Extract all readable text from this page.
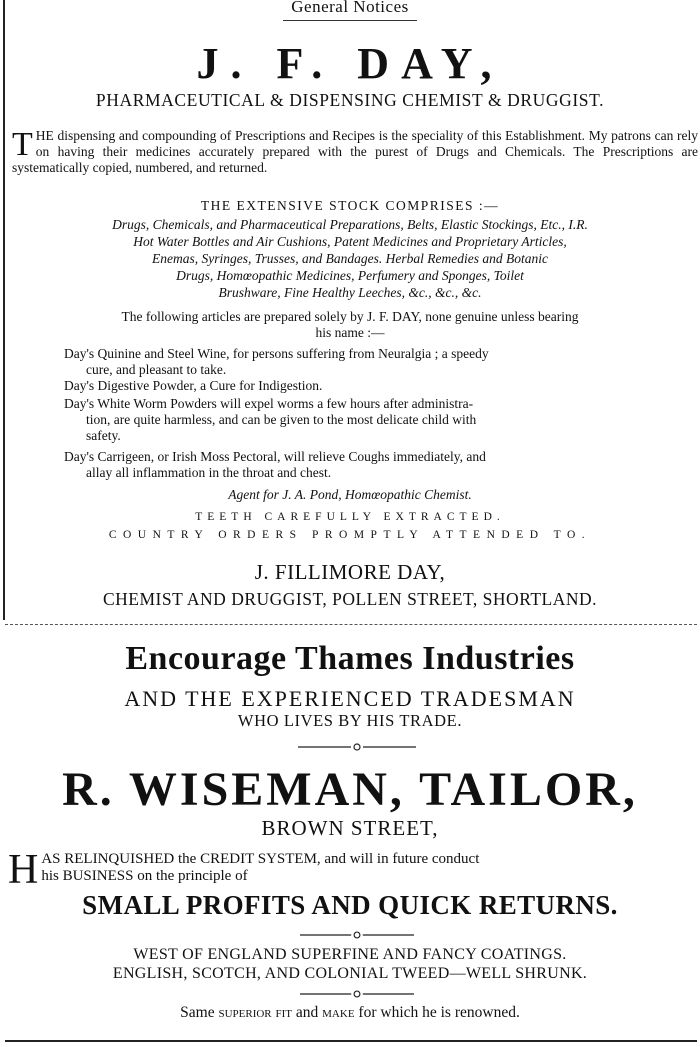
General Notices
J. F. DAY,
PHARMACEUTICAL & DISPENSING CHEMIST & DRUGGIST.
THE dispensing and compounding of Prescriptions and Recipes is the speciality of this Establishment. My patrons can rely on having their medicines accurately prepared with the purest of Drugs and Chemicals. The Prescriptions are systematically copied, numbered, and returned.
THE EXTENSIVE STOCK COMPRISES :—
Drugs, Chemicals, and Pharmaceutical Preparations, Belts, Elastic Stockings, Etc., I.R.
Hot Water Bottles and Air Cushions, Patent Medicines and Proprietary Articles,
Enemas, Syringes, Trusses, and Bandages. Herbal Remedies and Botanic
Drugs, Homœopathic Medicines, Perfumery and Sponges, Toilet
Brushware, Fine Healthy Leeches, &c., &c., &c.
The following articles are prepared solely by J. F. DAY, none genuine unless bearing
his name :—
Day's Quinine and Steel Wine, for persons suffering from Neuralgia ; a speedy
cure, and pleasant to take.
Day's Digestive Powder, a Cure for Indigestion.
Day's White Worm Powders will expel worms a few hours after administra-
tion, are quite harmless, and can be given to the most delicate child with
safety.
Day's Carrigeen, or Irish Moss Pectoral, will relieve Coughs immediately, and
allay all inflammation in the throat and chest.
Agent for J. A. Pond, Homœopathic Chemist.
TEETH CAREFULLY EXTRACTED.
COUNTRY ORDERS PROMPTLY ATTENDED TO.
J. FILLIMORE DAY,
CHEMIST AND DRUGGIST, POLLEN STREET, SHORTLAND.
Encourage Thames Industries
AND THE EXPERIENCED TRADESMAN
WHO LIVES BY HIS TRADE.
R. WISEMAN, TAILOR,
BROWN STREET,
H AS RELINQUISHED the CREDIT SYSTEM, and will in future conduct
his BUSINESS on the principle of
SMALL PROFITS AND QUICK RETURNS.
WEST OF ENGLAND SUPERFINE AND FANCY COATINGS.
ENGLISH, SCOTCH, AND COLONIAL TWEED—WELL SHRUNK.
Same superior fit and make for which he is renowned.
